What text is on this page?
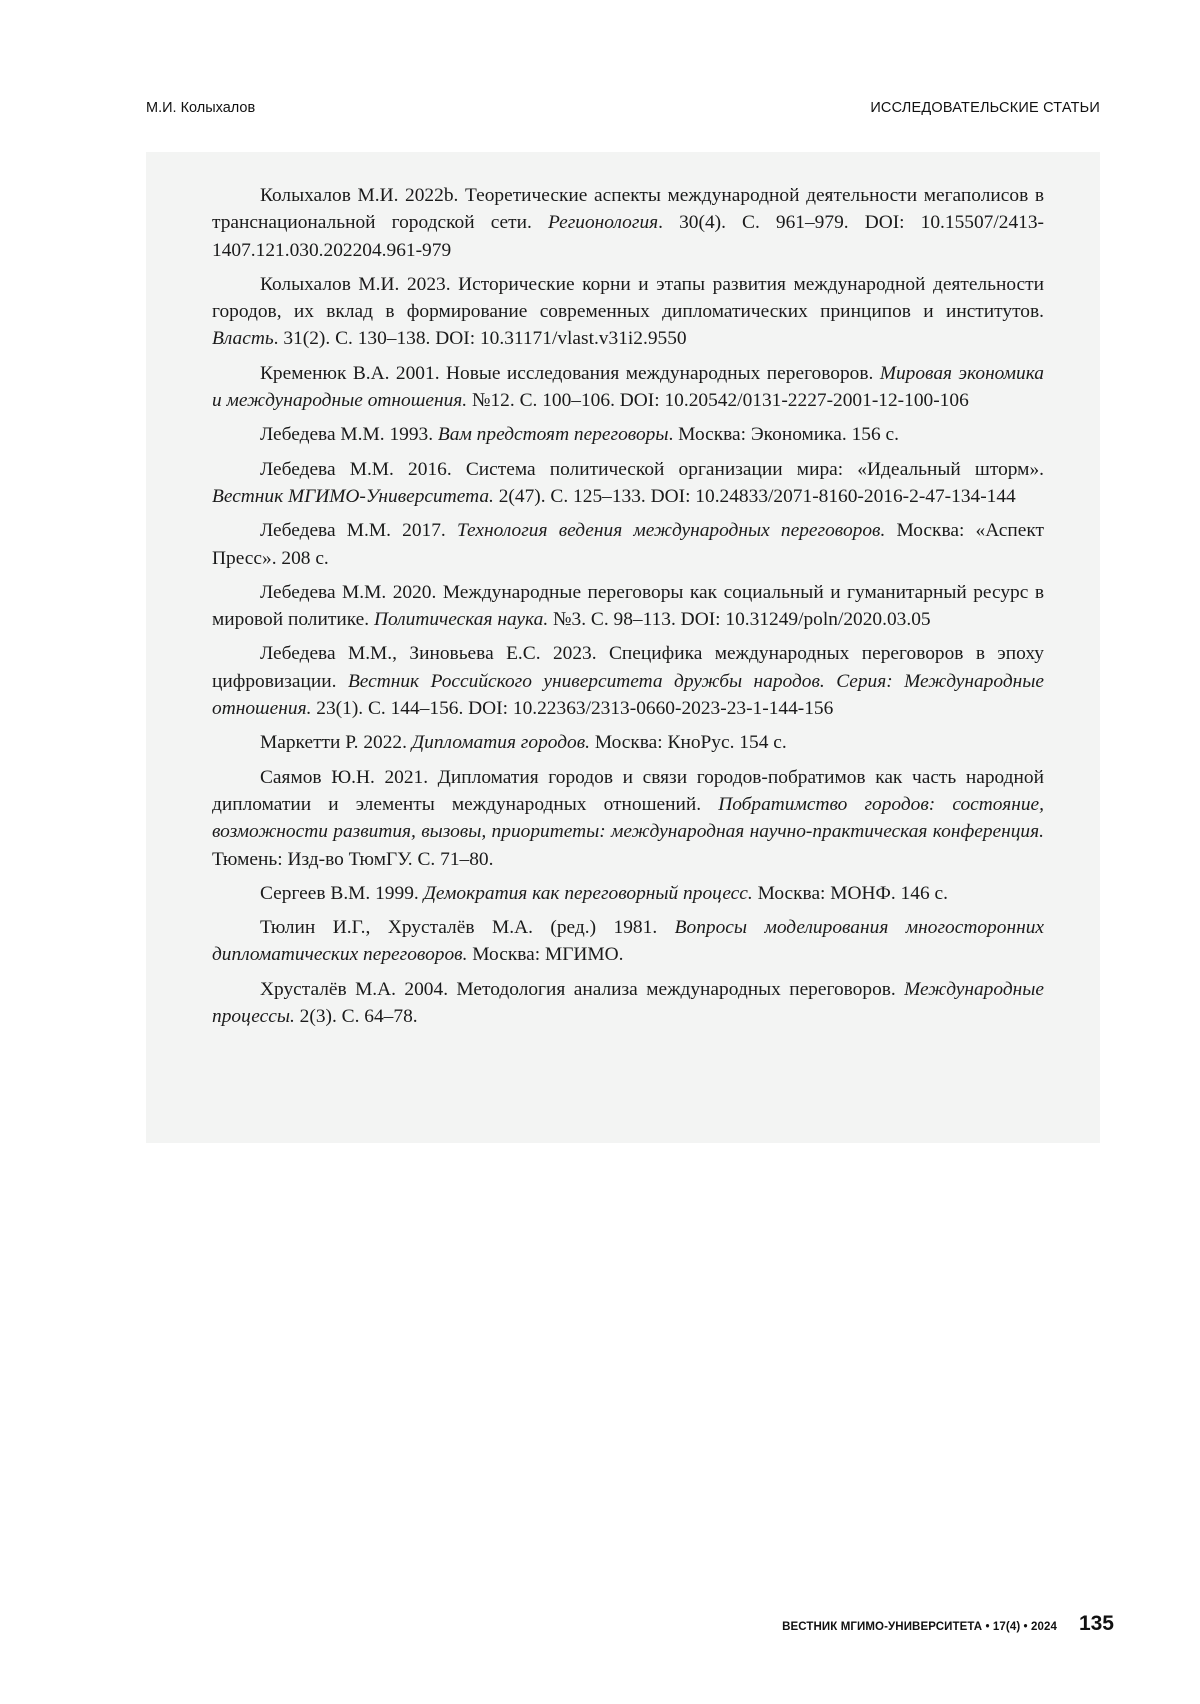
М.И. Колыхалов	ИССЛЕДОВАТЕЛЬСКИЕ СТАТЬИ

Колыхалов М.И. 2022b. Теоретические аспекты международной деятельности мегаполисов в транснациональной городской сети. Регионология. 30(4). С. 961–979. DOI: 10.15507/2413-1407.121.030.202204.961-979

Колыхалов М.И. 2023. Исторические корни и этапы развития международной деятельности городов, их вклад в формирование современных дипломатических принципов и институтов. Власть. 31(2). С. 130–138. DOI: 10.31171/vlast.v31i2.9550

Кременюк В.А. 2001. Новые исследования международных переговоров. Мировая экономика и международные отношения. №12. С. 100–106. DOI: 10.20542/0131-2227-2001-12-100-106

Лебедева М.М. 1993. Вам предстоят переговоры. Москва: Экономика. 156 с.

Лебедева М.М. 2016. Система политической организации мира: «Идеальный шторм». Вестник МГИМО-Университета. 2(47). С. 125–133. DOI: 10.24833/2071-8160-2016-2-47-134-144

Лебедева М.М. 2017. Технология ведения международных переговоров. Москва: «Аспект Пресс». 208 с.

Лебедева М.М. 2020. Международные переговоры как социальный и гуманитарный ресурс в мировой политике. Политическая наука. №3. С. 98–113. DOI: 10.31249/poln/2020.03.05

Лебедева М.М., Зиновьева Е.С. 2023. Специфика международных переговоров в эпоху цифровизации. Вестник Российского университета дружбы народов. Серия: Международные отношения. 23(1). С. 144–156. DOI: 10.22363/2313-0660-2023-23-1-144-156

Маркетти Р. 2022. Дипломатия городов. Москва: КноРус. 154 с.

Саямов Ю.Н. 2021. Дипломатия городов и связи городов-побратимов как часть народной дипломатии и элементы международных отношений. Побратимство городов: состояние, возможности развития, вызовы, приоритеты: международная научно-практическая конференция. Тюмень: Изд-во ТюмГУ. С. 71–80.

Сергеев В.М. 1999. Демократия как переговорный процесс. Москва: МОНФ. 146 с.

Тюлин И.Г., Хрусталёв М.А. (ред.) 1981. Вопросы моделирования многосторонних дипломатических переговоров. Москва: МГИМО.

Хрусталёв М.А. 2004. Методология анализа международных переговоров. Международные процессы. 2(3). С. 64–78.

ВЕСТНИК МГИМО-УНИВЕРСИТЕТА • 17(4) • 2024 135
